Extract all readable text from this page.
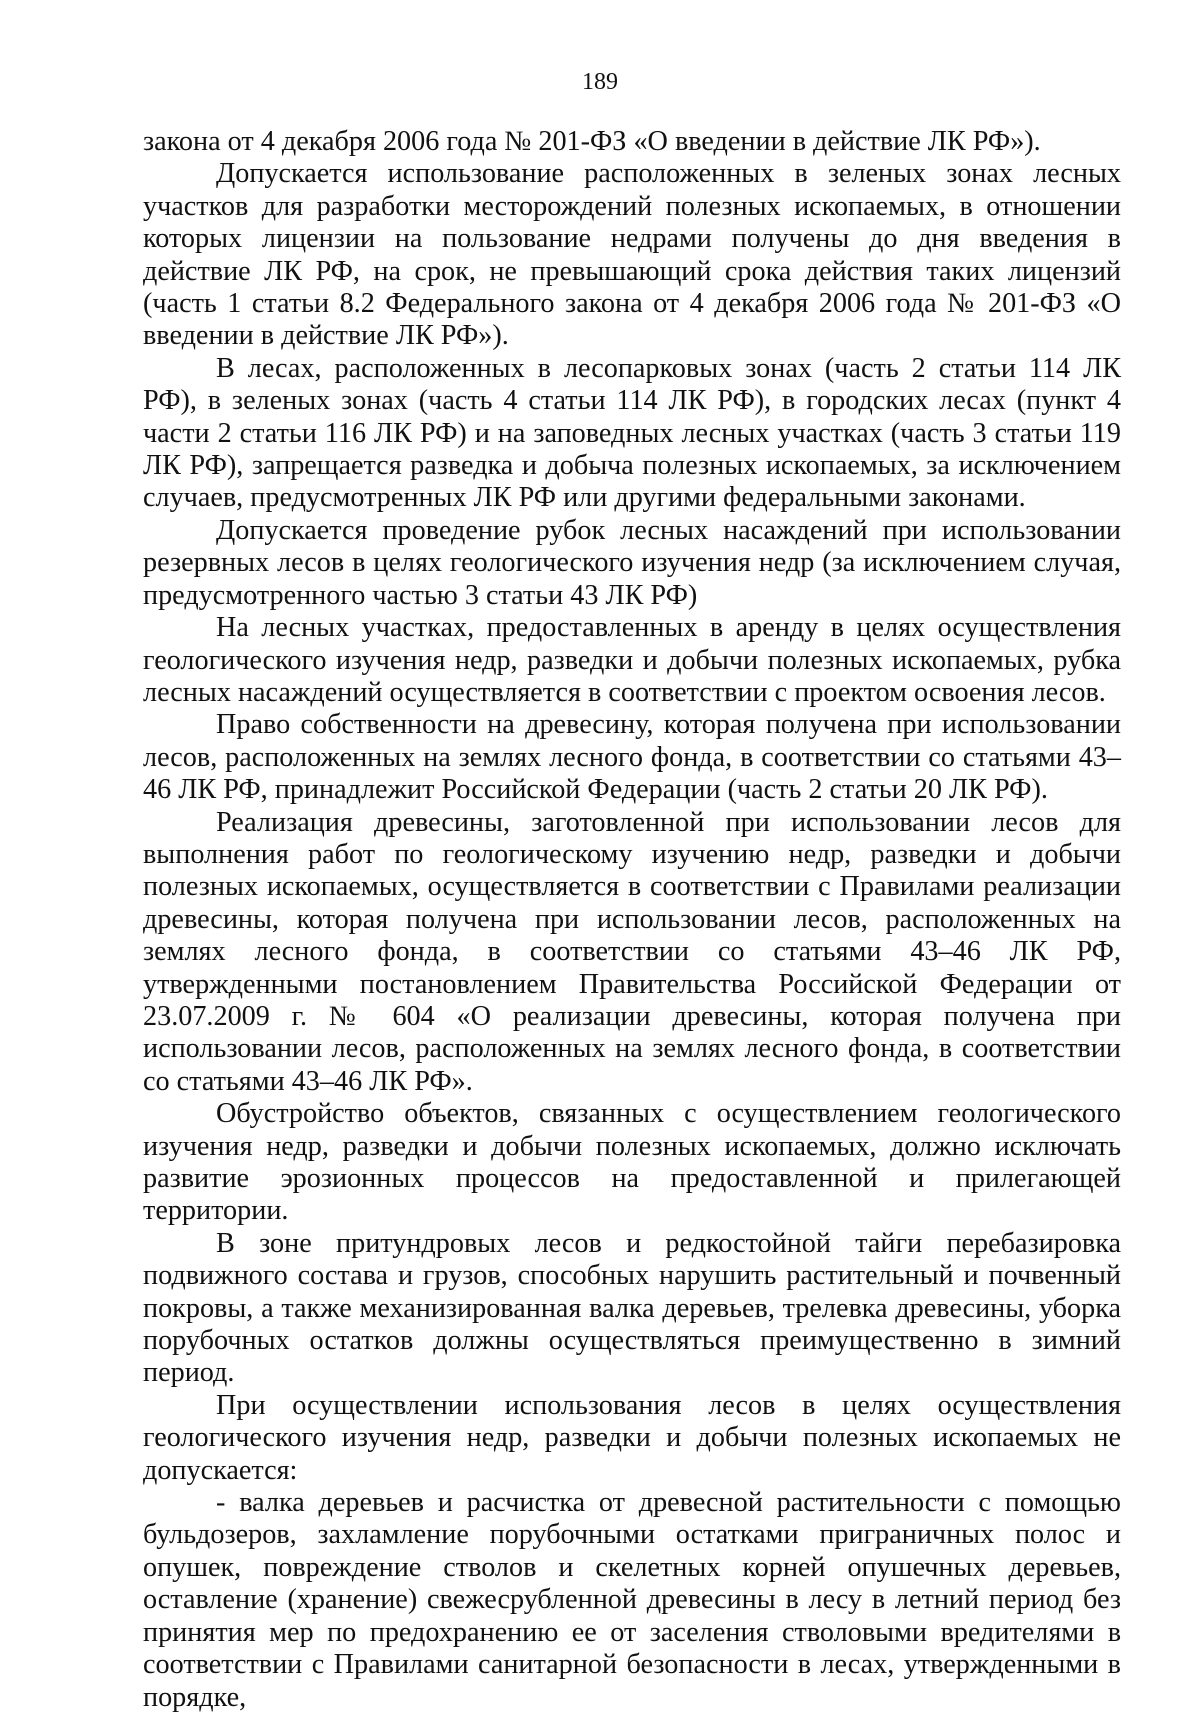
189

закона от 4 декабря 2006 года № 201-ФЗ «О введении в действие ЛК РФ»).

Допускается использование расположенных в зеленых зонах лесных участков для разработки месторождений полезных ископаемых, в отношении которых лицензии на пользование недрами получены до дня введения в действие ЛК РФ, на срок, не превышающий срока действия таких лицензий (часть 1 статьи 8.2 Федерального закона от 4 декабря 2006 года № 201-ФЗ «О введении в действие ЛК РФ»).

В лесах, расположенных в лесопарковых зонах (часть 2 статьи 114 ЛК РФ), в зеленых зонах (часть 4 статьи 114 ЛК РФ), в городских лесах (пункт 4 части 2 статьи 116 ЛК РФ) и на заповедных лесных участках (часть 3 статьи 119 ЛК РФ), запрещается разведка и добыча полезных ископаемых, за исключением случаев, предусмотренных ЛК РФ или другими федеральными законами.

Допускается проведение рубок лесных насаждений при использовании резервных лесов в целях геологического изучения недр (за исключением случая, предусмотренного частью 3 статьи 43 ЛК РФ)

На лесных участках, предоставленных в аренду в целях осуществления геологического изучения недр, разведки и добычи полезных ископаемых, рубка лесных насаждений осуществляется в соответствии с проектом освоения лесов.

Право собственности на древесину, которая получена при использовании лесов, расположенных на землях лесного фонда, в соответствии со статьями 43–46 ЛК РФ, принадлежит Российской Федерации (часть 2 статьи 20 ЛК РФ).

Реализация древесины, заготовленной при использовании лесов для выполнения работ по геологическому изучению недр, разведки и добычи полезных ископаемых, осуществляется в соответствии с Правилами реализации древесины, которая получена при использовании лесов, расположенных на землях лесного фонда, в соответствии со статьями 43–46 ЛК РФ, утвержденными постановлением Правительства Российской Федерации от 23.07.2009 г. № 604 «О реализации древесины, которая получена при использовании лесов, расположенных на землях лесного фонда, в соответствии со статьями 43–46 ЛК РФ».

Обустройство объектов, связанных с осуществлением геологического изучения недр, разведки и добычи полезных ископаемых, должно исключать развитие эрозионных процессов на предоставленной и прилегающей территории.

В зоне притундровых лесов и редкостойной тайги перебазировка подвижного состава и грузов, способных нарушить растительный и почвенный покровы, а также механизированная валка деревьев, трелевка древесины, уборка порубочных остатков должны осуществляться преимущественно в зимний период.

При осуществлении использования лесов в целях осуществления геологического изучения недр, разведки и добычи полезных ископаемых не допускается:

- валка деревьев и расчистка от древесной растительности с помощью бульдозеров, захламление порубочными остатками приграничных полос и опушек, повреждение стволов и скелетных корней опушечных деревьев, оставление (хранение) свежесрубленной древесины в лесу в летний период без принятия мер по предохранению ее от заселения стволовыми вредителями в соответствии с Правилами санитарной безопасности в лесах, утвержденными в порядке,
